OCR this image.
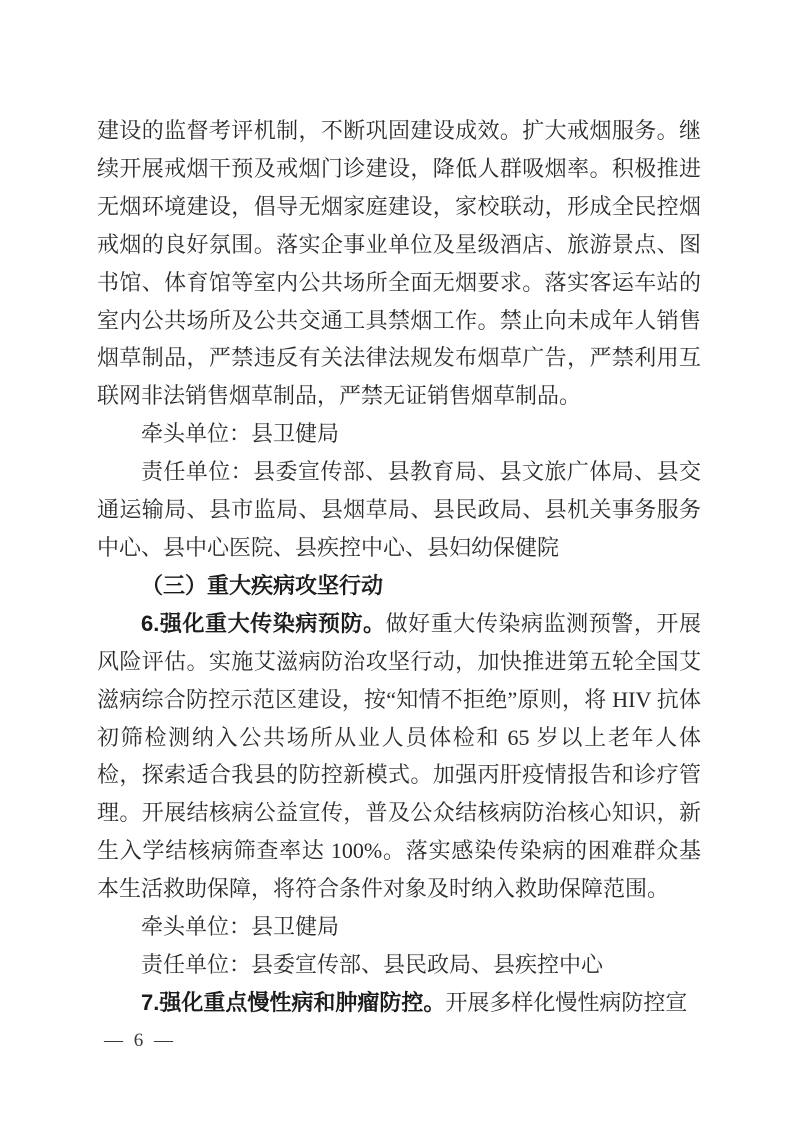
建设的监督考评机制，不断巩固建设成效。扩大戒烟服务。继续开展戒烟干预及戒烟门诊建设，降低人群吸烟率。积极推进无烟环境建设，倡导无烟家庭建设，家校联动，形成全民控烟戒烟的良好氛围。落实企事业单位及星级酒店、旅游景点、图书馆、体育馆等室内公共场所全面无烟要求。落实客运车站的室内公共场所及公共交通工具禁烟工作。禁止向未成年人销售烟草制品，严禁违反有关法律法规发布烟草广告，严禁利用互联网非法销售烟草制品，严禁无证销售烟草制品。

牵头单位：县卫健局

责任单位：县委宣传部、县教育局、县文旅广体局、县交通运输局、县市监局、县烟草局、县民政局、县机关事务服务中心、县中心医院、县疾控中心、县妇幼保健院

（三）重大疾病攻坚行动

6.强化重大传染病预防。做好重大传染病监测预警，开展风险评估。实施艾滋病防治攻坚行动，加快推进第五轮全国艾滋病综合防控示范区建设，按“知情不拒绝”原则，将 HIV 抗体初筛检测纳入公共场所从业人员体检和 65 岁以上老年人体检，探索适合我县的防控新模式。加强丙肝疫情报告和诊疗管理。开展结核病公益宣传，普及公众结核病防治核心知识，新生入学结核病筛查率达 100%。落实感染传染病的困难群众基本生活救助保障，将符合条件对象及时纳入救助保障范围。

牵头单位：县卫健局

责任单位：县委宣传部、县民政局、县疾控中心

7.强化重点慢性病和肿瘤防控。开展多样化慢性病防控宣

— 6 —
